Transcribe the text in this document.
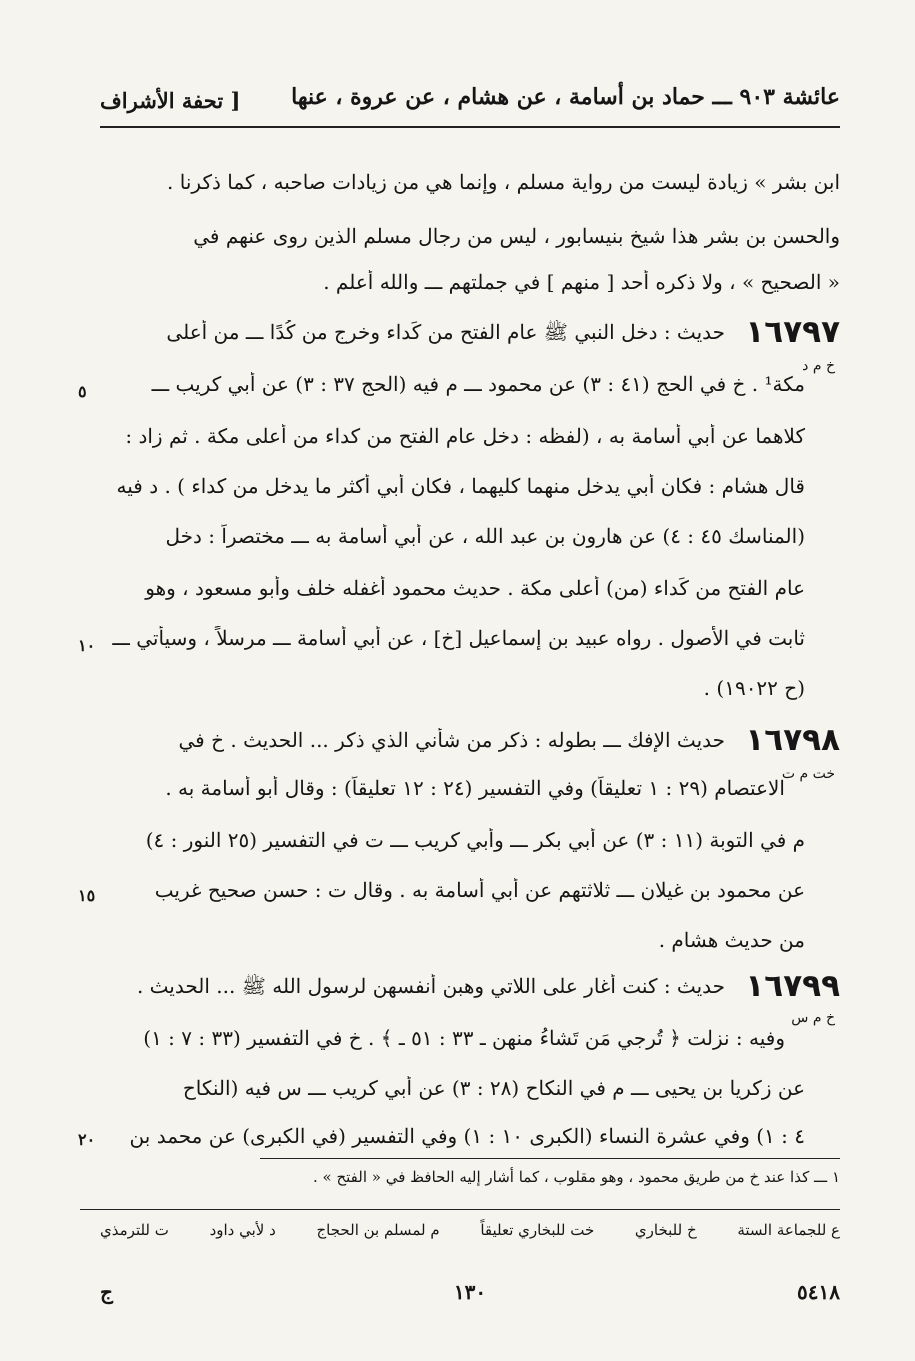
عائشة ٩٠٣ ـــ حماد بن أسامة ، عن هشام ، عن عروة ، عنها
[ تحفة الأشراف
ابن بشر » زيادة ليست من رواية مسلم ، وإنما هي من زيادات صاحبه ، كما ذكرنا .
والحسن بن بشر هذا شيخ بنيسابور ، ليس من رجال مسلم الذين روى عنهم في
« الصحيح » ، ولا ذكره أحد [ منهم ] في جملتهم ـــ والله أعلم .
١٦٧٩٧
خ م د
حديث : دخل النبي ﷺ عام الفتح من كَداء وخرج من كُدًا ـــ من أعلى
مكة¹ . خ في الحج (٤١ : ٣) عن محمود ـــ م فيه (الحج ٣٧ : ٣) عن أبي كريب ـــ
٥
كلاهما عن أبي أسامة به ، (لفظه : دخل عام الفتح من كداء من أعلى مكة . ثم زاد :
قال هشام : فكان أبي يدخل منهما كليهما ، فكان أبي أكثر ما يدخل من كداء ) . د فيه
(المناسك ٤٥ : ٤) عن هارون بن عبد الله ، عن أبي أسامة به ـــ مختصراً : دخل
عام الفتح من كَداء (من) أعلى مكة . حديث محمود أغفله خلف وأبو مسعود ، وهو
ثابت في الأصول . رواه عبيد بن إسماعيل [خ] ، عن أبي أسامة ـــ مرسلاً ، وسيأتي ـــ
١٠
(ح ١٩٠٢٢) .
١٦٧٩٨
خت م ت
حديث الإفك ـــ بطوله : ذكر من شأني الذي ذكر ... الحديث . خ في
الاعتصام (٢٩ : ١ تعليقاً) وفي التفسير (٢٤ : ١٢ تعليقاً) : وقال أبو أسامة به .
م في التوبة (١١ : ٣) عن أبي بكر ـــ وأبي كريب ـــ ت في التفسير (٢٥ النور : ٤)
عن محمود بن غيلان ـــ ثلاثتهم عن أبي أسامة به . وقال ت : حسن صحيح غريب
١٥
من حديث هشام .
١٦٧٩٩
خ م س
حديث : كنت أغار على اللاتي وهبن أنفسهن لرسول الله ﷺ ... الحديث .
وفيه : نزلت ﴿ تُرجي مَن تَشاءُ منهن ـ ٣٣ : ٥١ ـ ﴾ . خ في التفسير (٣٣ : ٧ : ١)
عن زكريا بن يحيى ـــ م في النكاح (٢٨ : ٣) عن أبي كريب ـــ س فيه (النكاح
٤ : ١) وفي عشرة النساء (الكبرى ١٠ : ١) وفي التفسير (في الكبرى) عن محمد بن
٢٠
١ ـــ كذا عند خ من طريق محمود ، وهو مقلوب ، كما أشار إليه الحافظ في « الفتح » .
ع للجماعة الستة
خ للبخاري
خت للبخاري تعليقاً
م لمسلم بن الحجاج
د لأبي داود
ت للترمذي
٥٤١٨
١٣٠
ج
